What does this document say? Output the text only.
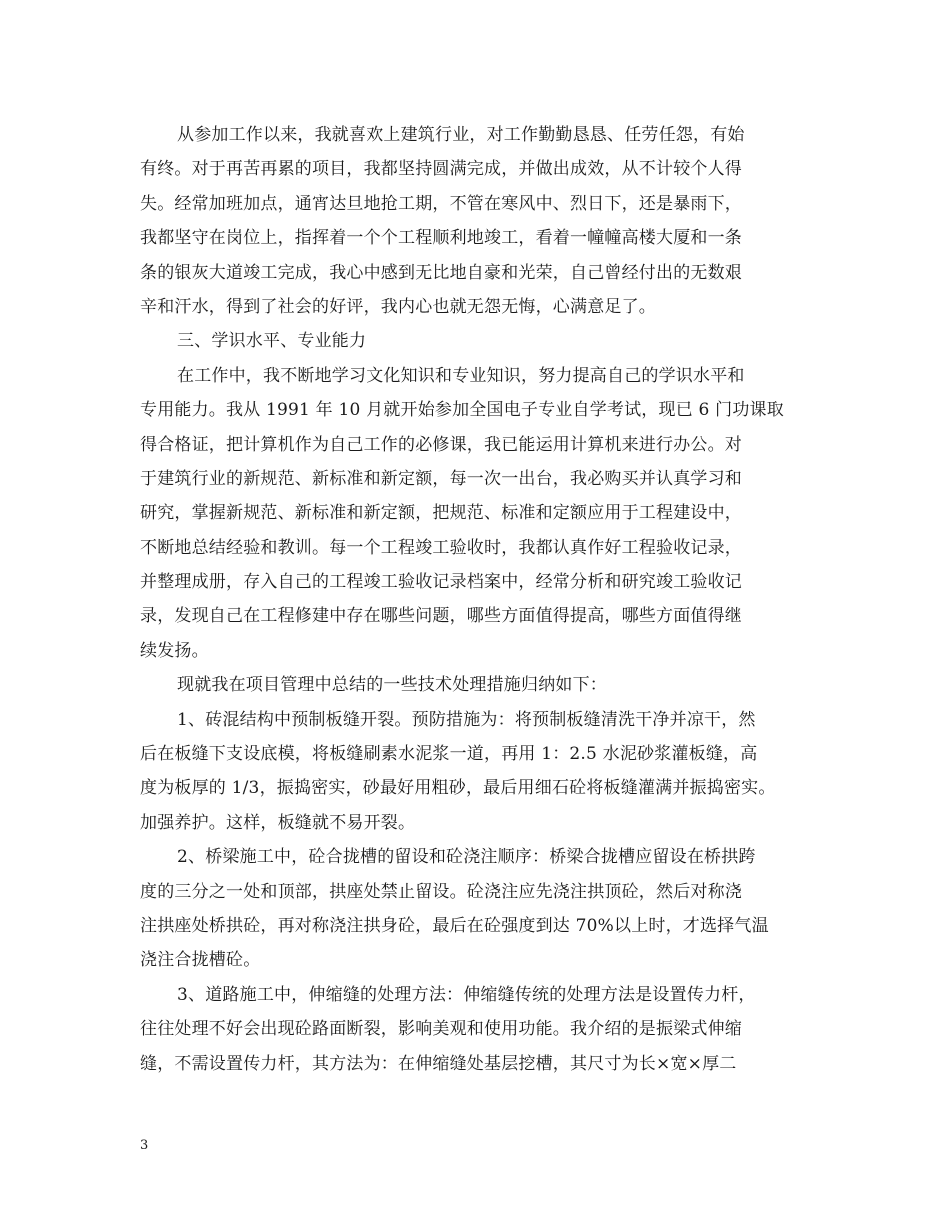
从参加工作以来，我就喜欢上建筑行业，对工作勤勤恳恳、任劳任怨，有始
有终。对于再苦再累的项目，我都坚持圆满完成，并做出成效，从不计较个人得
失。经常加班加点，通宵达旦地抢工期，不管在寒风中、烈日下，还是暴雨下，
我都坚守在岗位上，指挥着一个个工程顺利地竣工，看着一幢幢高楼大厦和一条
条的银灰大道竣工完成，我心中感到无比地自豪和光荣，自己曾经付出的无数艰
辛和汗水，得到了社会的好评，我内心也就无怨无悔，心满意足了。
三、学识水平、专业能力
在工作中，我不断地学习文化知识和专业知识，努力提高自己的学识水平和
专用能力。我从 1991 年 10 月就开始参加全国电子专业自学考试，现已 6 门功课取
得合格证，把计算机作为自己工作的必修课，我已能运用计算机来进行办公。对
于建筑行业的新规范、新标准和新定额，每一次一出台，我必购买并认真学习和
研究，掌握新规范、新标准和新定额，把规范、标准和定额应用于工程建设中，
不断地总结经验和教训。每一个工程竣工验收时，我都认真作好工程验收记录，
并整理成册，存入自己的工程竣工验收记录档案中，经常分析和研究竣工验收记
录，发现自己在工程修建中存在哪些问题，哪些方面值得提高，哪些方面值得继
续发扬。
现就我在项目管理中总结的一些技术处理措施归纳如下：
1、砖混结构中预制板缝开裂。预防措施为：将预制板缝清洗干净并凉干，然
后在板缝下支设底模，将板缝刷素水泥浆一道，再用 1：2.5 水泥砂浆灌板缝，高
度为板厚的 1/3，振捣密实，砂最好用粗砂，最后用细石砼将板缝灌满并振捣密实。
加强养护。这样，板缝就不易开裂。
2、桥梁施工中，砼合拢槽的留设和砼浇注顺序：桥梁合拢槽应留设在桥拱跨
度的三分之一处和顶部，拱座处禁止留设。砼浇注应先浇注拱顶砼，然后对称浇
注拱座处桥拱砼，再对称浇注拱身砼，最后在砼强度到达 70%以上时，才选择气温
浇注合拢槽砼。
3、道路施工中，伸缩缝的处理方法：伸缩缝传统的处理方法是设置传力杆，
往往处理不好会出现砼路面断裂，影响美观和使用功能。我介绍的是振梁式伸缩
缝，不需设置传力杆，其方法为：在伸缩缝处基层挖槽，其尺寸为长×宽×厚二
3
